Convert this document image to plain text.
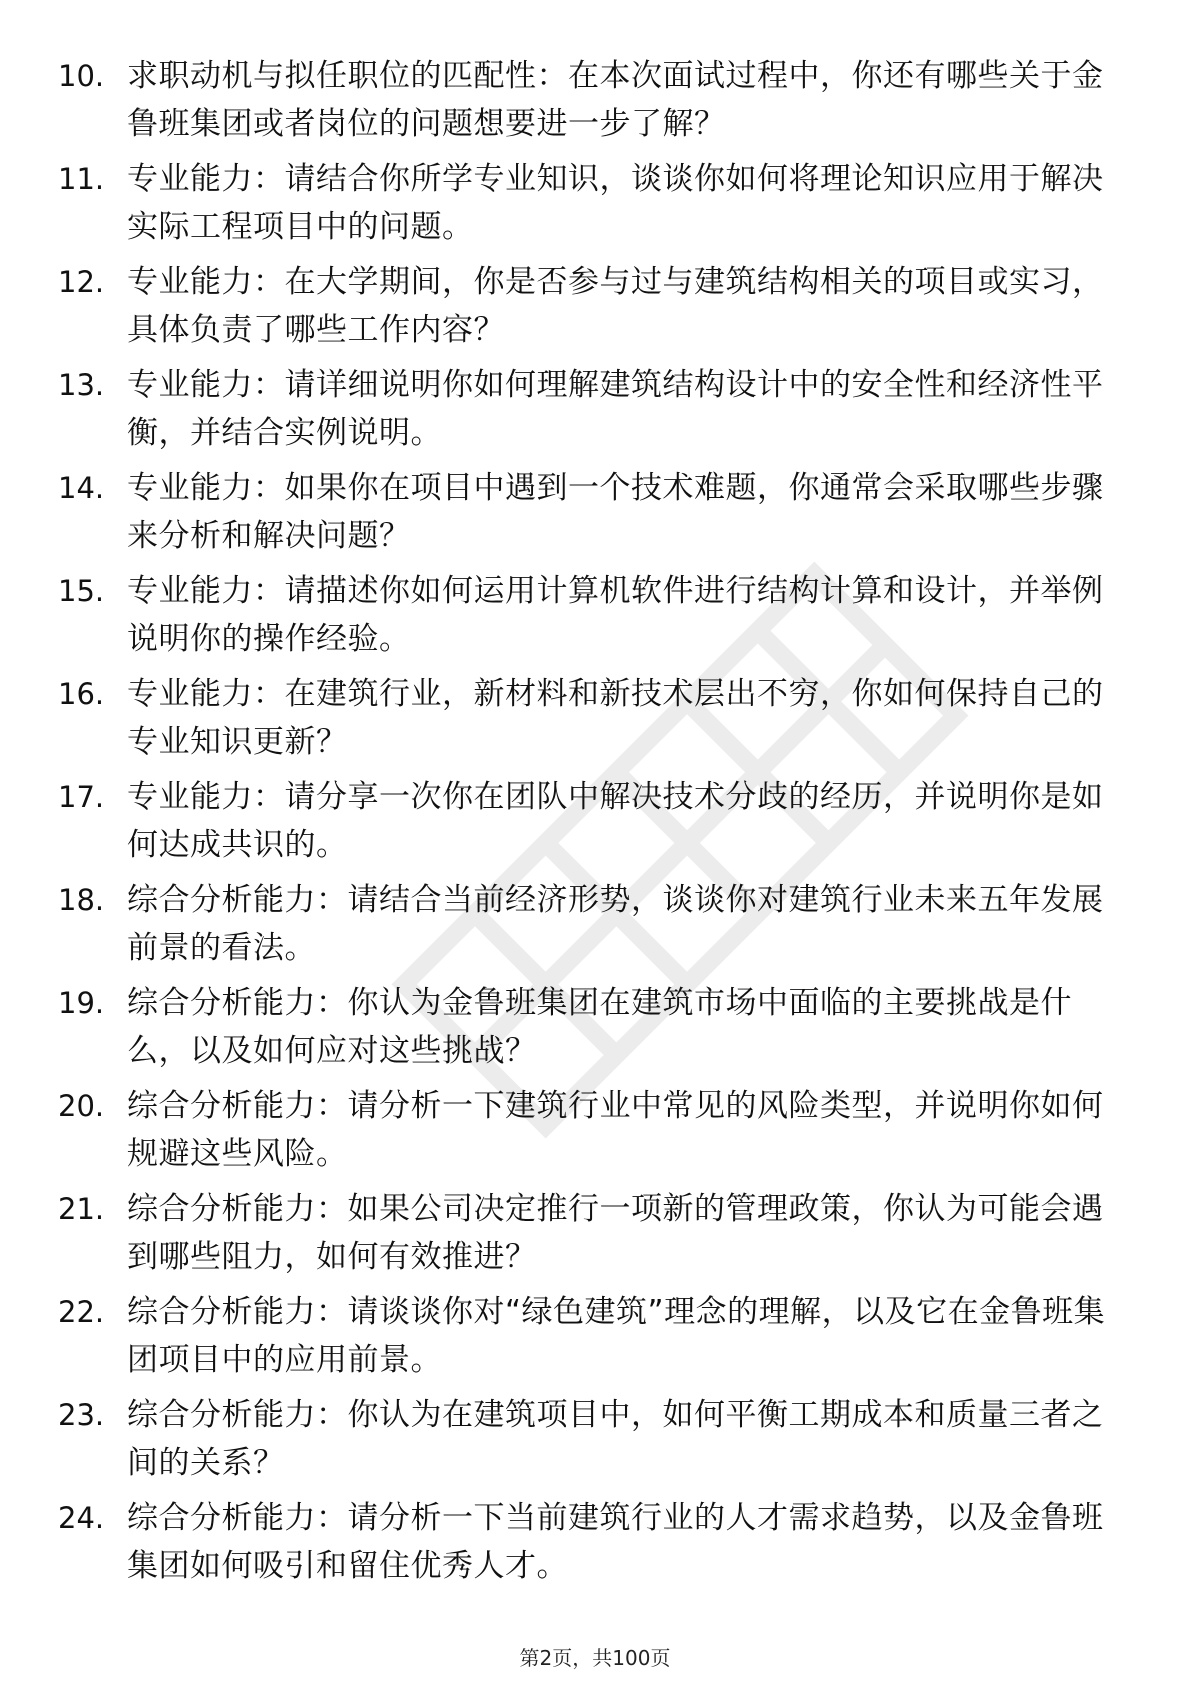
10. 求职动机与拟任职位的匹配性：在本次面试过程中，你还有哪些关于金鲁班集团或者岗位的问题想要进一步了解？
11. 专业能力：请结合你所学专业知识，谈谈你如何将理论知识应用于解决实际工程项目中的问题。
12. 专业能力：在大学期间，你是否参与过与建筑结构相关的项目或实习，具体负责了哪些工作内容？
13. 专业能力：请详细说明你如何理解建筑结构设计中的安全性和经济性平衡，并结合实例说明。
14. 专业能力：如果你在项目中遇到一个技术难题，你通常会采取哪些步骤来分析和解决问题？
15. 专业能力：请描述你如何运用计算机软件进行结构计算和设计，并举例说明你的操作经验。
16. 专业能力：在建筑行业，新材料和新技术层出不穷，你如何保持自己的专业知识更新？
17. 专业能力：请分享一次你在团队中解决技术分歧的经历，并说明你是如何达成共识的。
18. 综合分析能力：请结合当前经济形势，谈谈你对建筑行业未来五年发展前景的看法。
19. 综合分析能力：你认为金鲁班集团在建筑市场中面临的主要挑战是什么，以及如何应对这些挑战？
20. 综合分析能力：请分析一下建筑行业中常见的风险类型，并说明你如何规避这些风险。
21. 综合分析能力：如果公司决定推行一项新的管理政策，你认为可能会遇到哪些阻力，如何有效推进？
22. 综合分析能力：请谈谈你对“绿色建筑”理念的理解，以及它在金鲁班集团项目中的应用前景。
23. 综合分析能力：你认为在建筑项目中，如何平衡工期成本和质量三者之间的关系？
24. 综合分析能力：请分析一下当前建筑行业的人才需求趋势，以及金鲁班集团如何吸引和留住优秀人才。
第2页，共100页
